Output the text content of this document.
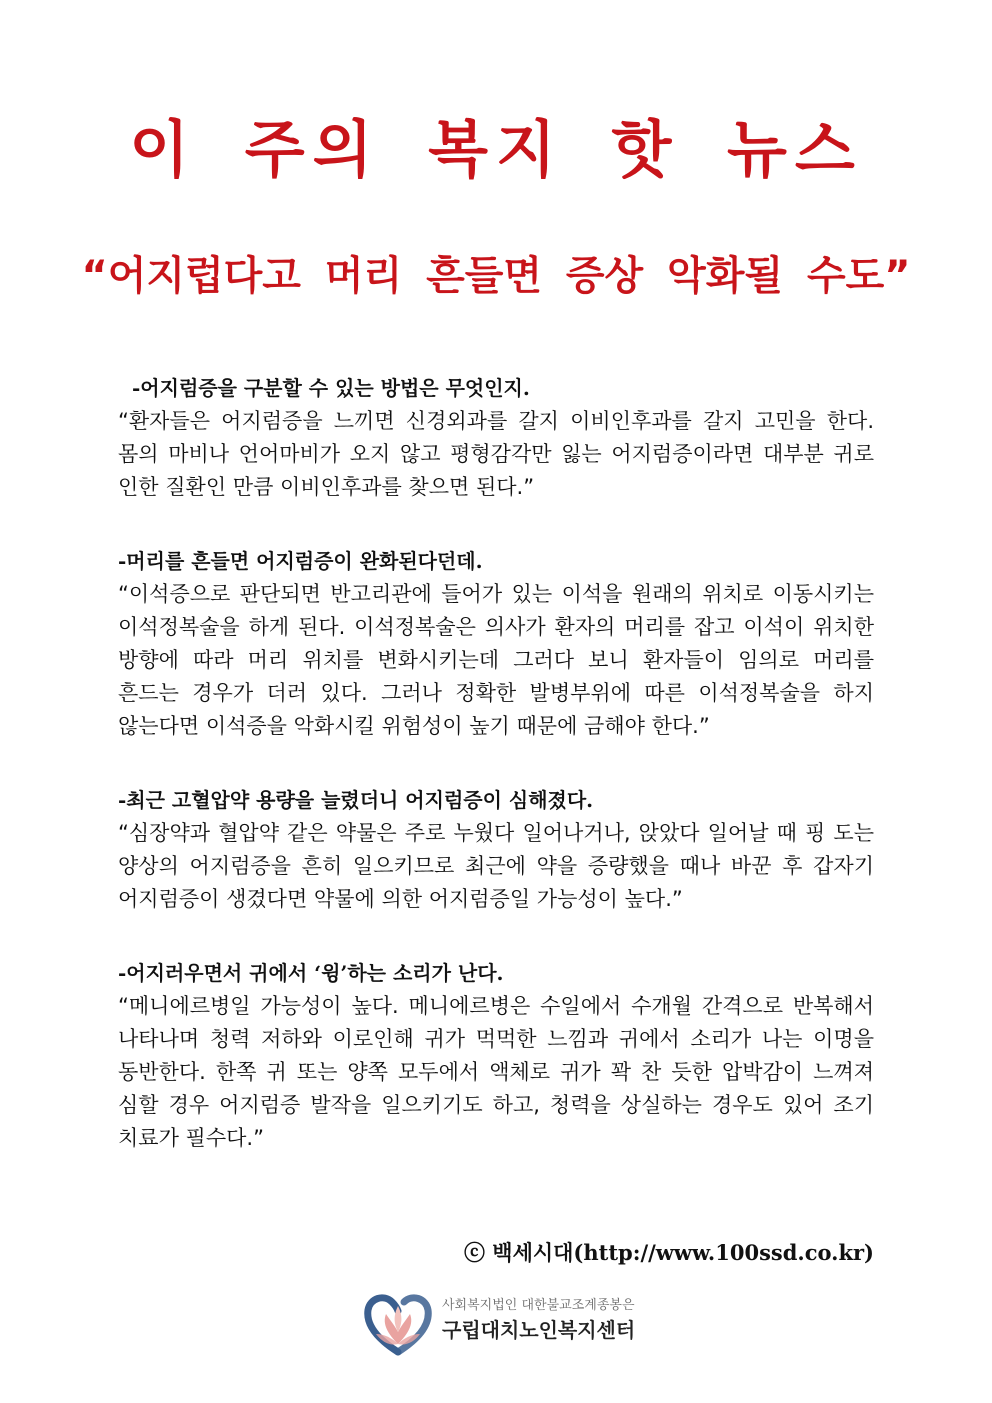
이 주의 복지 핫 뉴스
“어지럽다고 머리 흔들면 증상 악화될 수도”

-어지럼증을 구분할 수 있는 방법은 무엇인지.

“환자들은 어지럼증을 느끼면 신경외과를 갈지 이비인후과를 갈지 고민을 한다. 몸의 마비나 언어마비가 오지 않고 평형감각만 잃는 어지럼증이라면 대부분 귀로 인한 질환인 만큼 이비인후과를 찾으면 된다.”

-머리를 흔들면 어지럼증이 완화된다던데.

“이석증으로 판단되면 반고리관에 들어가 있는 이석을 원래의 위치로 이동시키는 이석정복술을 하게 된다. 이석정복술은 의사가 환자의 머리를 잡고 이석이 위치한 방향에 따라 머리 위치를 변화시키는데 그러다 보니 환자들이 임의로 머리를 흔드는 경우가 더러 있다. 그러나 정확한 발병부위에 따른 이석정복술을 하지 않는다면 이석증을 악화시킬 위험성이 높기 때문에 금해야 한다.”

-최근 고혈압약 용량을 늘렸더니 어지럼증이 심해졌다.

“심장약과 혈압약 같은 약물은 주로 누웠다 일어나거나, 앉았다 일어날 때 핑 도는 양상의 어지럼증을 흔히 일으키므로 최근에 약을 증량했을 때나 바꾼 후 갑자기 어지럼증이 생겼다면 약물에 의한 어지럼증일 가능성이 높다.”

-어지러우면서 귀에서 ‘윙’하는 소리가 난다.

“메니에르병일 가능성이 높다. 메니에르병은 수일에서 수개월 간격으로 반복해서 나타나며 청력 저하와 이로인해 귀가 먹먹한 느낌과 귀에서 소리가 나는 이명을 동반한다. 한쪽 귀 또는 양쪽 모두에서 액체로 귀가 꽉 찬 듯한 압박감이 느껴져 심할 경우 어지럼증 발작을 일으키기도 하고, 청력을 상실하는 경우도 있어 조기 치료가 필수다.”

ⓒ 백세시대(http://www.100ssd.co.kr)

사회복지법인 대한불교조계종봉은
구립대치노인복지센터
